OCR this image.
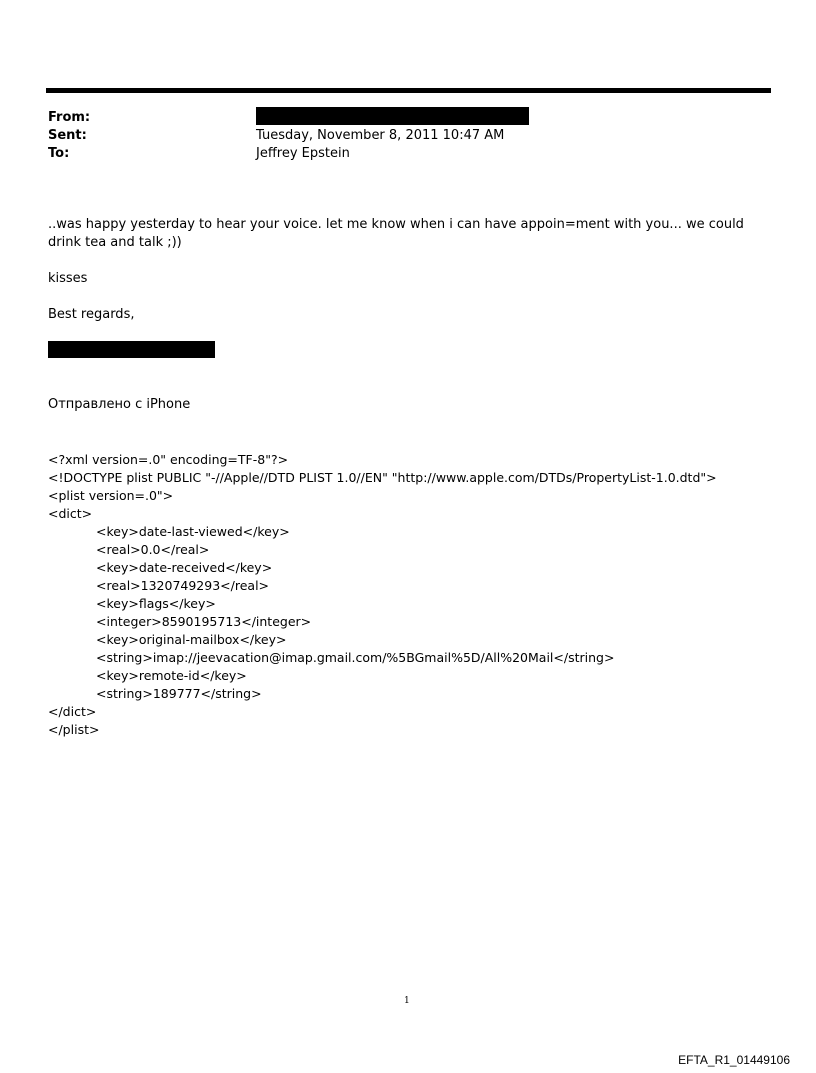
From:
Sent:	Tuesday, November 8, 2011 10:47 AM
To:	Jeffrey Epstein
..was happy yesterday to hear your voice. let me know when i can have appoin=ment with you... we could drink tea and talk ;))
kisses
Best regards,
Отправлено с iPhone
<?xml version=.0" encoding=TF-8"?>
<!DOCTYPE plist PUBLIC "-//Apple//DTD PLIST 1.0//EN" "http://www.apple.com/DTDs/PropertyList-1.0.dtd">
<plist version=.0">
<dict>
<key>date-last-viewed</key>
<real>0.0</real>
<key>date-received</key>
<real>1320749293</real>
<key>flags</key>
<integer>8590195713</integer>
<key>original-mailbox</key>
<string>imap://jeevacation@imap.gmail.com/%5BGmail%5D/All%20Mail</string>
<key>remote-id</key>
<string>189777</string>
</dict>
</plist>
1
EFTA_R1_01449106
